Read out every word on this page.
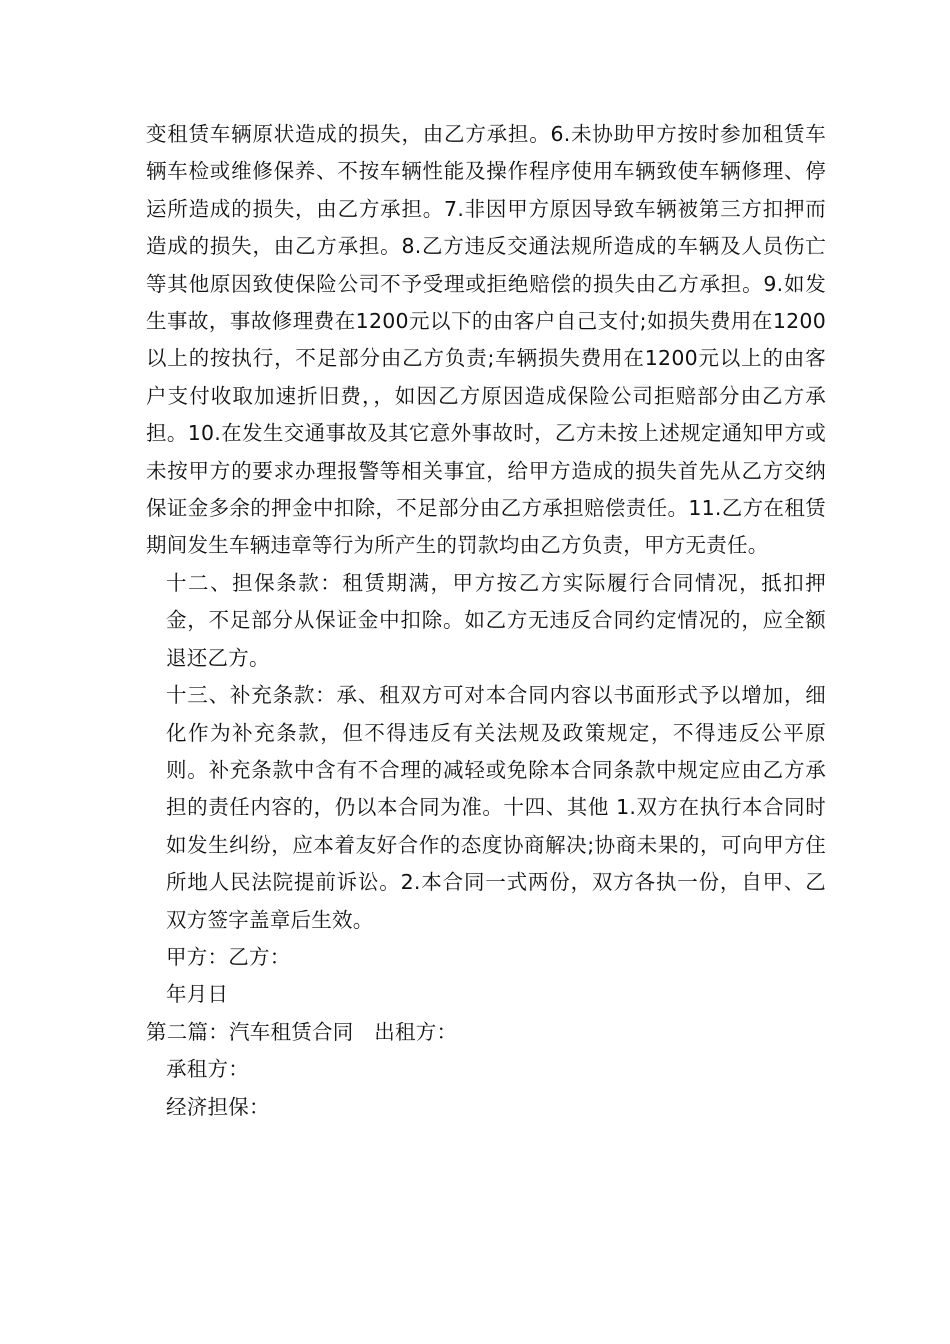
变租赁车辆原状造成的损失，由乙方承担。6.未协助甲方按时参加租赁车辆车检或维修保养、不按车辆性能及操作程序使用车辆致使车辆修理、停运所造成的损失，由乙方承担。7.非因甲方原因导致车辆被第三方扣押而造成的损失，由乙方承担。8.乙方违反交通法规所造成的车辆及人员伤亡等其他原因致使保险公司不予受理或拒绝赔偿的损失由乙方承担。9.如发生事故，事故修理费在1200元以下的由客户自己支付;如损失费用在1200以上的按执行，不足部分由乙方负责;车辆损失费用在1200元以上的由客户支付收取加速折旧费，，如因乙方原因造成保险公司拒赔部分由乙方承担。10.在发生交通事故及其它意外事故时，乙方未按上述规定通知甲方或未按甲方的要求办理报警等相关事宜，给甲方造成的损失首先从乙方交纳保证金多余的押金中扣除，不足部分由乙方承担赔偿责任。11.乙方在租赁期间发生车辆违章等行为所产生的罚款均由乙方负责，甲方无责任。

十二、担保条款：租赁期满，甲方按乙方实际履行合同情况，抵扣押金，不足部分从保证金中扣除。如乙方无违反合同约定情况的，应全额退还乙方。

十三、补充条款：承、租双方可对本合同内容以书面形式予以增加，细化作为补充条款，但不得违反有关法规及政策规定，不得违反公平原则。补充条款中含有不合理的减轻或免除本合同条款中规定应由乙方承担的责任内容的，仍以本合同为准。十四、其他 1.双方在执行本合同时如发生纠纷，应本着友好合作的态度协商解决;协商未果的，可向甲方住所地人民法院提前诉讼。2.本合同一式两份，双方各执一份，自甲、乙双方签字盖章后生效。

甲方：乙方：

年月日

第二篇：汽车租赁合同　出租方：

承租方：

经济担保：
